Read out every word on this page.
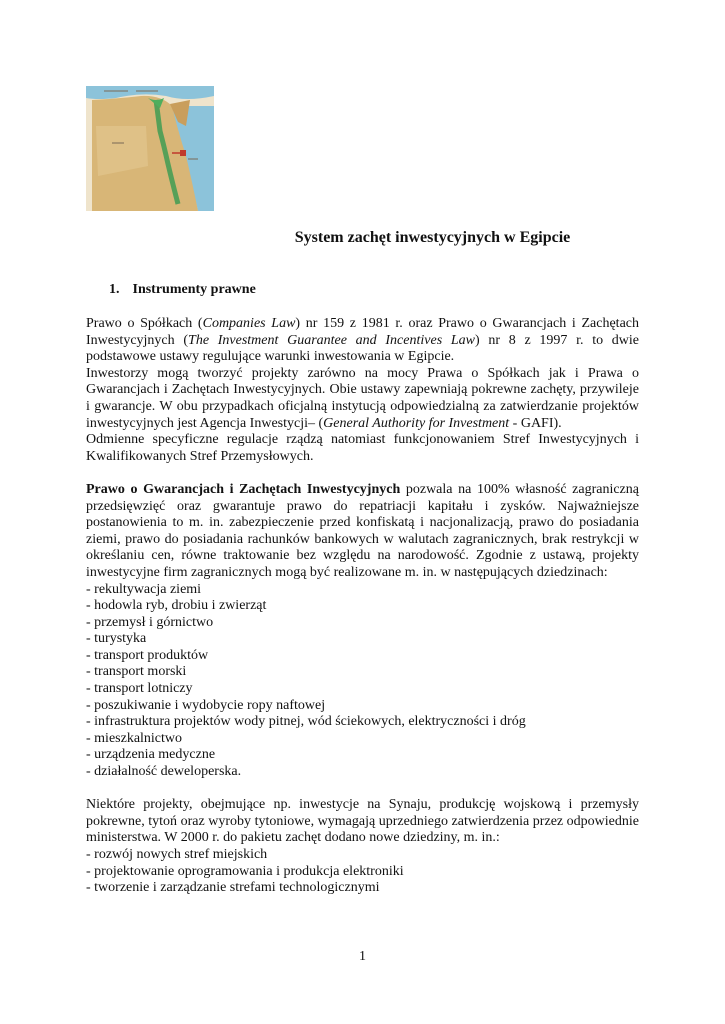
System zachęt inwestycyjnych w Egipcie
1. Instrumenty prawne

Prawo o Spółkach (Companies Law) nr 159 z 1981 r. oraz Prawo o Gwarancjach i Zachętach Inwestycyjnych (The Investment Guarantee and Incentives Law) nr 8 z 1997 r. to dwie podstawowe ustawy regulujące warunki inwestowania w Egipcie.

Inwestorzy mogą tworzyć projekty zarówno na mocy Prawa o Spółkach jak i Prawa o Gwarancjach i Zachętach Inwestycyjnych. Obie ustawy zapewniają pokrewne zachęty, przywileje i gwarancje. W obu przypadkach oficjalną instytucją odpowiedzialną za zatwierdzanie projektów inwestycyjnych jest Agencja Inwestycji– (General Authority for Investment - GAFI).

Odmienne specyficzne regulacje rządzą natomiast funkcjonowaniem Stref Inwestycyjnych i Kwalifikowanych Stref Przemysłowych.

Prawo o Gwarancjach i Zachętach Inwestycyjnych pozwala na 100% własność zagraniczną przedsięwzięć oraz gwarantuje prawo do repatriacji kapitału i zysków. Najważniejsze postanowienia to m. in. zabezpieczenie przed konfiskatą i nacjonalizacją, prawo do posiadania ziemi, prawo do posiadania rachunków bankowych w walutach zagranicznych, brak restrykcji w określaniu cen, równe traktowanie bez względu na narodowość. Zgodnie z ustawą, projekty inwestycyjne firm zagranicznych mogą być realizowane m. in. w następujących dziedzinach:

- rekultywacja ziemi
- hodowla ryb, drobiu i zwierząt
- przemysł i górnictwo
- turystyka
- transport produktów
- transport morski
- transport lotniczy
- poszukiwanie i wydobycie ropy naftowej
- infrastruktura projektów wody pitnej, wód ściekowych, elektryczności i dróg
- mieszkalnictwo
- urządzenia medyczne
- działalność deweloperska.

Niektóre projekty, obejmujące np. inwestycje na Synaju, produkcję wojskową i przemysły pokrewne, tytoń oraz wyroby tytoniowe, wymagają uprzedniego zatwierdzenia przez odpowiednie ministerstwa. W 2000 r. do pakietu zachęt dodano nowe dziedziny, m. in.:

- rozwój nowych stref miejskich
- projektowanie oprogramowania i produkcja elektroniki
- tworzenie i zarządzanie strefami technologicznymi
1
